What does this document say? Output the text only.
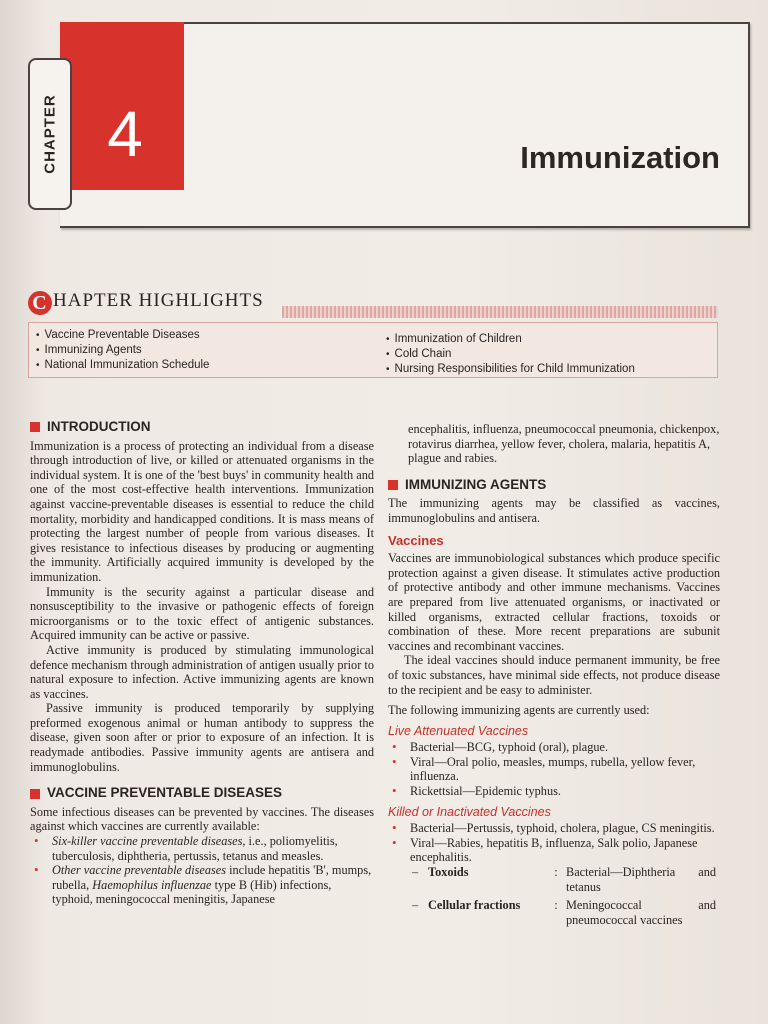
4
CHAPTER	Immunization
C HAPTER HIGHLIGHTS
• Vaccine Preventable Diseases
• Immunizing Agents
• National Immunization Schedule
• Immunization of Children
• Cold Chain
• Nursing Responsibilities for Child Immunization
INTRODUCTION

Immunization is a process of protecting an individual from a disease through introduction of live, or killed or attenuated organisms in the individual system. It is one of the 'best buys' in community health and one of the most cost-effective health interventions. Immunization against vaccine-preventable diseases is essential to reduce the child mortality, morbidity and handicapped conditions. It is mass means of protecting the largest number of people from various diseases. It gives resistance to infectious diseases by producing or augmenting the immunity. Artificially acquired immunity is developed by the immunization.

Immunity is the security against a particular disease and nonsusceptibility to the invasive or pathogenic effects of foreign microorganisms or to the toxic effect of antigenic substances. Acquired immunity can be active or passive.

Active immunity is produced by stimulating immunological defence mechanism through administration of antigen usually prior to natural exposure to infection. Active immunizing agents are known as vaccines.

Passive immunity is produced temporarily by supplying preformed exogenous animal or human antibody to suppress the disease, given soon after or prior to exposure of an infection. It is readymade antibodies. Passive immunity agents are antisera and immunoglobulins.

VACCINE PREVENTABLE DISEASES

Some infectious diseases can be prevented by vaccines. The diseases against which vaccines are currently available:

• Six-killer vaccine preventable diseases, i.e., poliomyelitis, tuberculosis, diphtheria, pertussis, tetanus and measles.
• Other vaccine preventable diseases include hepatitis 'B', mumps, rubella, Haemophilus influenzae type B (Hib) infections, typhoid, meningococcal meningitis, Japanese

encephalitis, influenza, pneumococcal pneumonia, chickenpox, rotavirus diarrhea, yellow fever, cholera, malaria, hepatitis A, plague and rabies.

IMMUNIZING AGENTS

The immunizing agents may be classified as vaccines, immunoglobulins and antisera.

Vaccines

Vaccines are immunobiological substances which produce specific protection against a given disease. It stimulates active production of protective antibody and other immune mechanisms. Vaccines are prepared from live attenuated organisms, or inactivated or killed organisms, extracted cellular fractions, toxoids or combination of these. More recent preparations are subunit vaccines and recombinant vaccines.

The ideal vaccines should induce permanent immunity, be free of toxic substances, have minimal side effects, not produce disease to the recipient and be easy to administer.

The following immunizing agents are currently used:

Live Attenuated Vaccines
• Bacterial—BCG, typhoid (oral), plague.
• Viral—Oral polio, measles, mumps, rubella, yellow fever, influenza.
• Rickettsial—Epidemic typhus.
Killed or Inactivated Vaccines
• Bacterial—Pertussis, typhoid, cholera, plague, CS meningitis.
• Viral—Rabies, hepatitis B, influenza, Salk polio, Japanese encephalitis.
–	Toxoids	:	Bacterial—Diphtheria and tetanus
–	Cellular fractions	:	Meningococcal and pneumococcal vaccines
